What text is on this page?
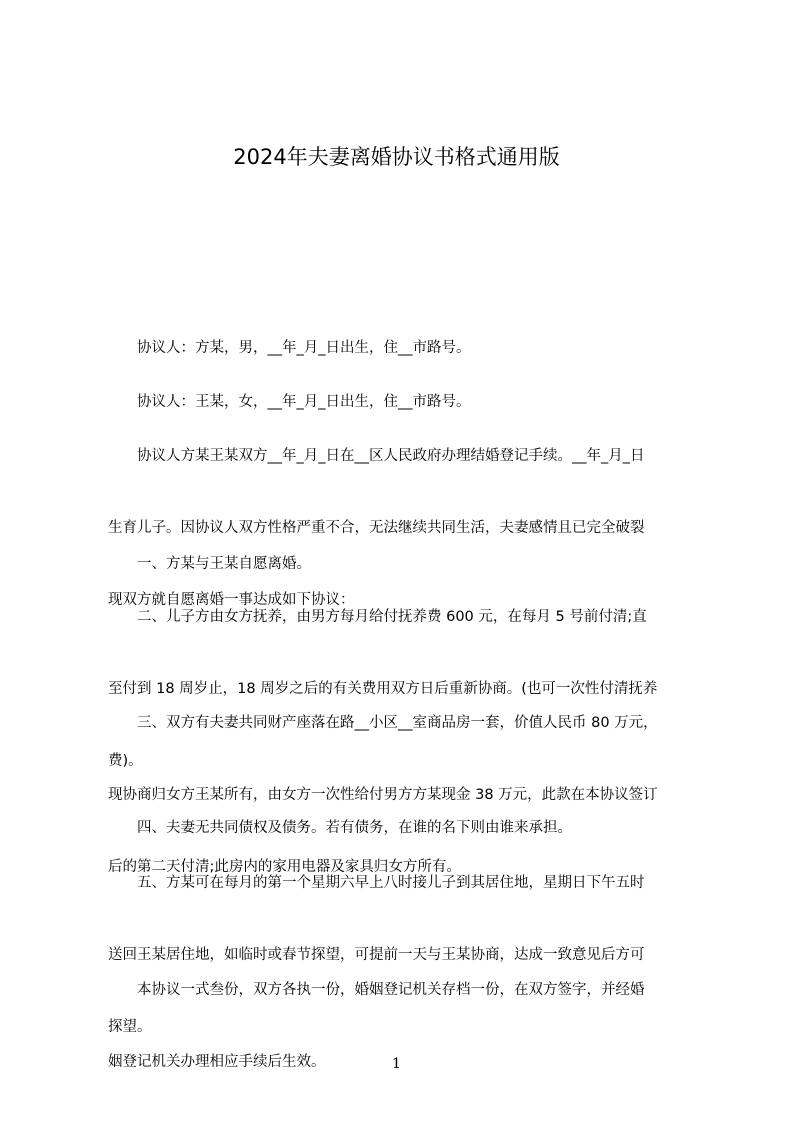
2024年夫妻离婚协议书格式通用版

　　协议人：方某，男，__年_月_日出生，住__市路号。

　　协议人：王某，女，__年_月_日出生，住__市路号。

　　协议人方某王某双方__年_月_日在__区人民政府办理结婚登记手续。__年_月_日

生育儿子。因协议人双方性格严重不合，无法继续共同生活，夫妻感情且已完全破裂

现双方就自愿离婚一事达成如下协议：

　　一、方某与王某自愿离婚。

　　二、儿子方由女方抚养，由男方每月给付抚养费 600 元，在每月 5 号前付清;直

至付到 18 周岁止，18 周岁之后的有关费用双方日后重新协商。(也可一次性付清抚养

费)。

　　三、双方有夫妻共同财产座落在路__小区__室商品房一套，价值人民币 80 万元，

现协商归女方王某所有，由女方一次性给付男方方某现金 38 万元，此款在本协议签订

后的第二天付清;此房内的家用电器及家具归女方所有。

　　四、夫妻无共同债权及债务。若有债务，在谁的名下则由谁来承担。

　　五、方某可在每月的第一个星期六早上八时接儿子到其居住地，星期日下午五时

送回王某居住地，如临时或春节探望，可提前一天与王某协商，达成一致意见后方可

探望。

　　本协议一式叁份，双方各执一份，婚姻登记机关存档一份，在双方签字，并经婚

姻登记机关办理相应手续后生效。	1
